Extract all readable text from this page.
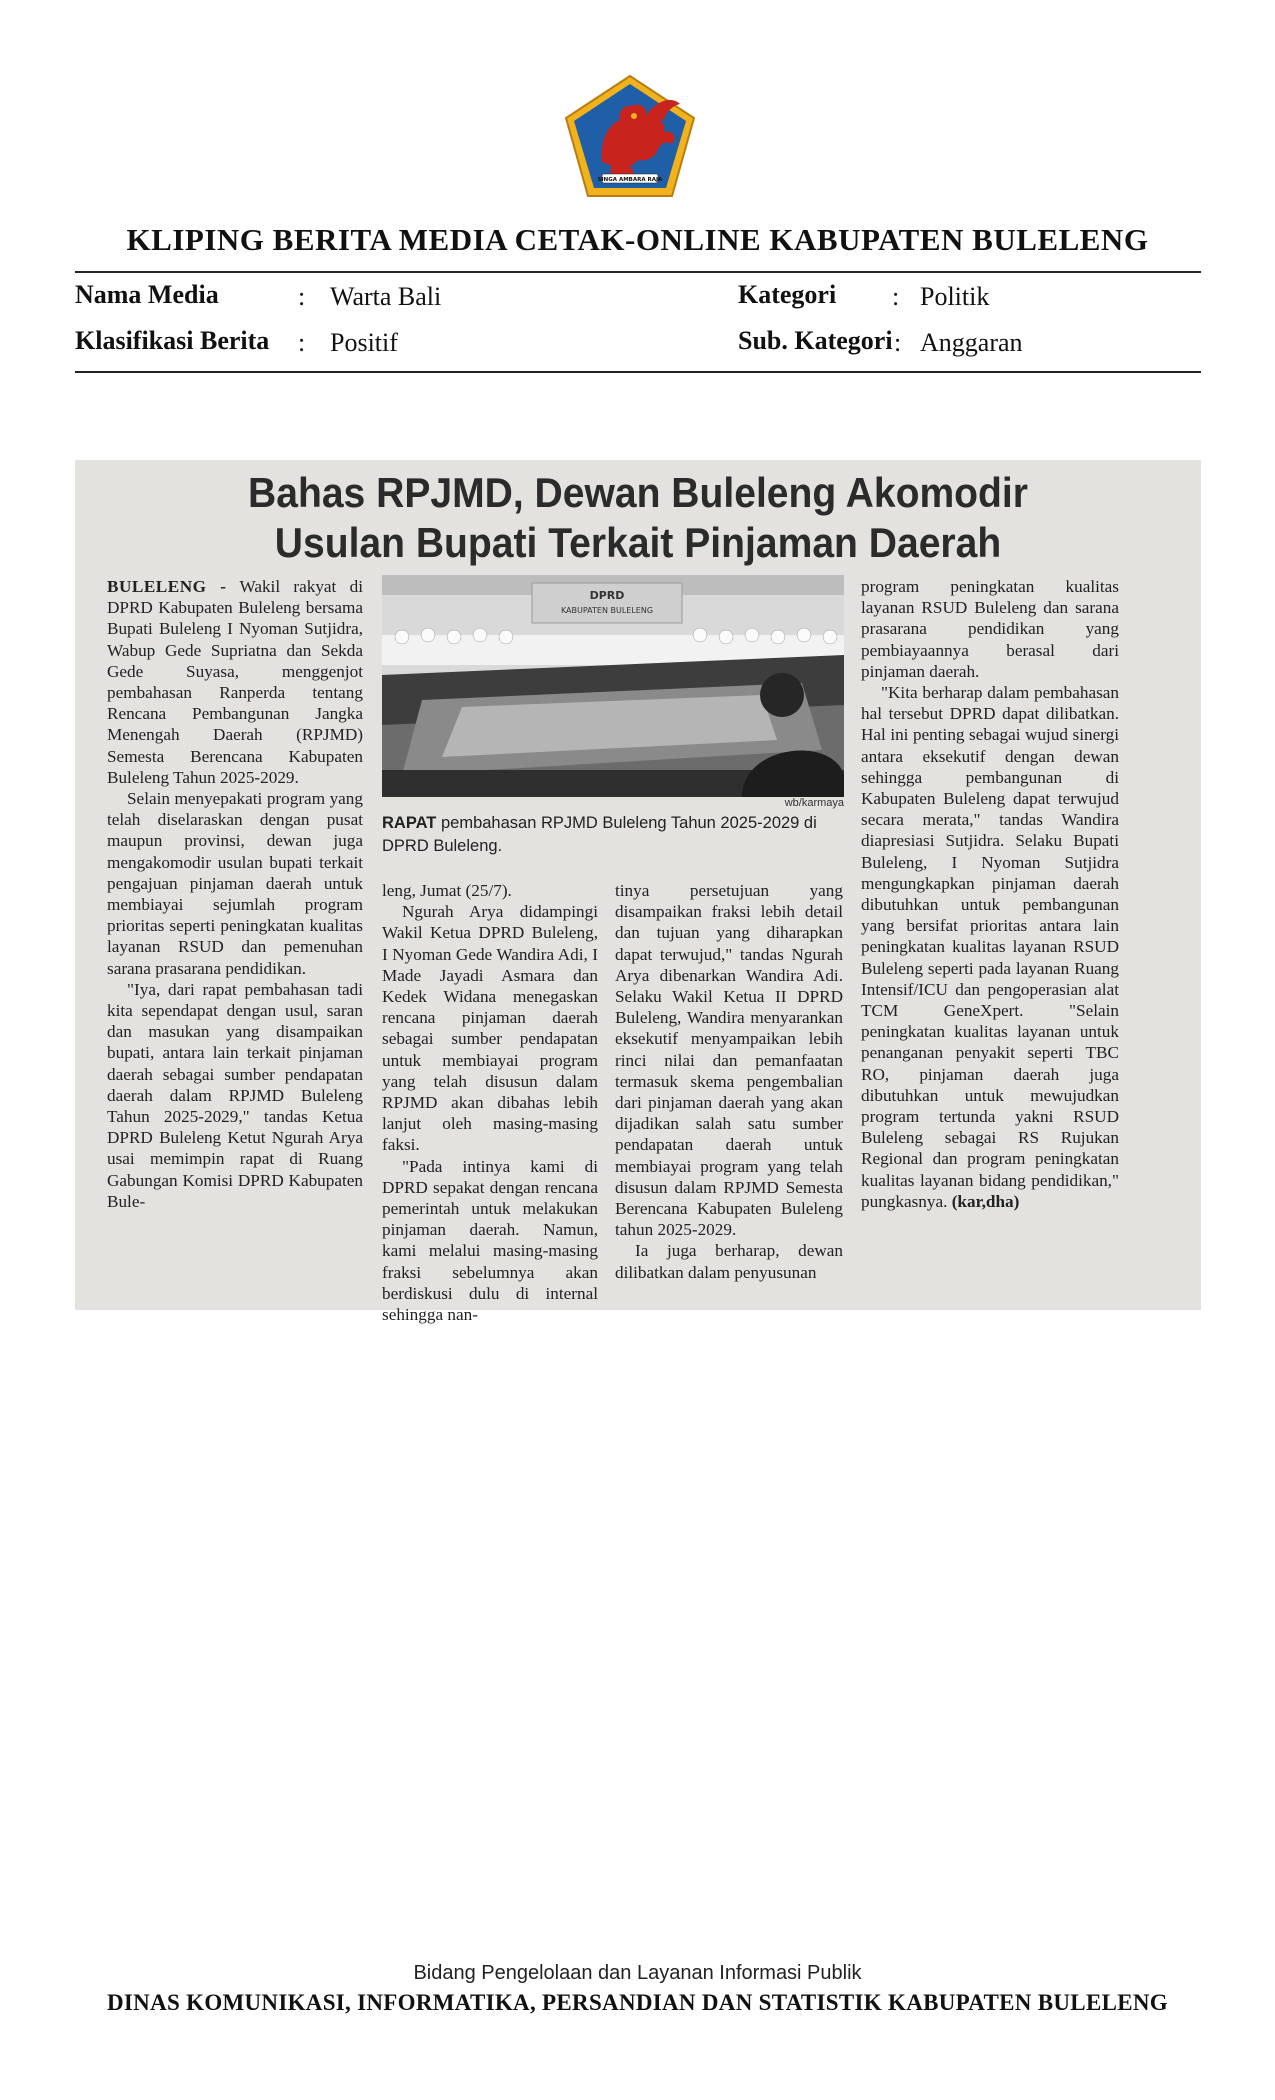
SINGA AMBARA RAJA
KLIPING BERITA MEDIA CETAK-ONLINE KABUPATEN BULELENG
Nama Media	: Warta Bali	Kategori : Politik
Klasifikasi Berita : Positif	Sub. Kategori : Anggaran
Bahas RPJMD, Dewan Buleleng Akomodir
Usulan Bupati Terkait Pinjaman Daerah

BULELENG - Wakil rakyat di DPRD Kabupaten Buleleng bersama Bupati Buleleng I Nyoman Sutjidra, Wabup Gede Supriatna dan Sekda Gede Suyasa, menggenjot pembahasan Ranperda tentang Rencana Pembangunan Jangka Menengah Daerah (RPJMD) Semesta Berencana Kabupaten Buleleng Tahun 2025-2029.

Selain menyepakati program yang telah diselaraskan dengan pusat maupun provinsi, dewan juga mengakomodir usulan bupati terkait pengajuan pinjaman daerah untuk membiayai sejumlah program prioritas seperti peningkatan kualitas layanan RSUD dan pemenuhan sarana prasarana pendidikan.

"Iya, dari rapat pembahasan tadi kita sependapat dengan usul, saran dan masukan yang disampaikan bupati, antara lain terkait pinjaman daerah sebagai sumber pendapatan daerah dalam RPJMD Buleleng Tahun 2025-2029," tandas Ketua DPRD Buleleng Ketut Ngurah Arya usai memimpin rapat di Ruang Gabungan Komisi DPRD Kabupaten Bule-

DPRD
KABUPATEN BULELENG
wb/karmaya
RAPAT pembahasan RPJMD Buleleng Tahun 2025-2029 di DPRD Buleleng.

leng, Jumat (25/7).

Ngurah Arya didampingi Wakil Ketua DPRD Buleleng, I Nyoman Gede Wandira Adi, I Made Jayadi Asmara dan Kedek Widana menegaskan rencana pinjaman daerah sebagai sumber pendapatan untuk membiayai program yang telah disusun dalam RPJMD akan dibahas lebih lanjut oleh masing-masing faksi.

"Pada intinya kami di DPRD sepakat dengan rencana pemerintah untuk melakukan pinjaman daerah. Namun, kami melalui masing-masing fraksi sebelumnya akan berdiskusi dulu di internal sehingga nan-

tinya persetujuan yang disampaikan fraksi lebih detail dan tujuan yang diharapkan dapat terwujud," tandas Ngurah Arya dibenarkan Wandira Adi. Selaku Wakil Ketua II DPRD Buleleng, Wandira menyarankan eksekutif menyampaikan lebih rinci nilai dan pemanfaatan termasuk skema pengembalian dari pinjaman daerah yang akan dijadikan salah satu sumber pendapatan daerah untuk membiayai program yang telah disusun dalam RPJMD Semesta Berencana Kabupaten Buleleng tahun 2025-2029.

Ia juga berharap, dewan dilibatkan dalam penyusunan

program peningkatan kualitas layanan RSUD Buleleng dan sarana prasarana pendidikan yang pembiayaannya berasal dari pinjaman daerah.

"Kita berharap dalam pembahasan hal tersebut DPRD dapat dilibatkan. Hal ini penting sebagai wujud sinergi antara eksekutif dengan dewan sehingga pembangunan di Kabupaten Buleleng dapat terwujud secara merata," tandas Wandira diapresiasi Sutjidra. Selaku Bupati Buleleng, I Nyoman Sutjidra mengungkapkan pinjaman daerah dibutuhkan untuk pembangunan yang bersifat prioritas antara lain peningkatan kualitas layanan RSUD Buleleng seperti pada layanan Ruang Intensif/ICU dan pengoperasian alat TCM GeneXpert. "Selain peningkatan kualitas layanan untuk penanganan penyakit seperti TBC RO, pinjaman daerah juga dibutuhkan untuk mewujudkan program tertunda yakni RSUD Buleleng sebagai RS Rujukan Regional dan program peningkatan kualitas layanan bidang pendidikan," pungkasnya. (kar,dha)

Bidang Pengelolaan dan Layanan Informasi Publik
DINAS KOMUNIKASI, INFORMATIKA, PERSANDIAN DAN STATISTIK KABUPATEN BULELENG
